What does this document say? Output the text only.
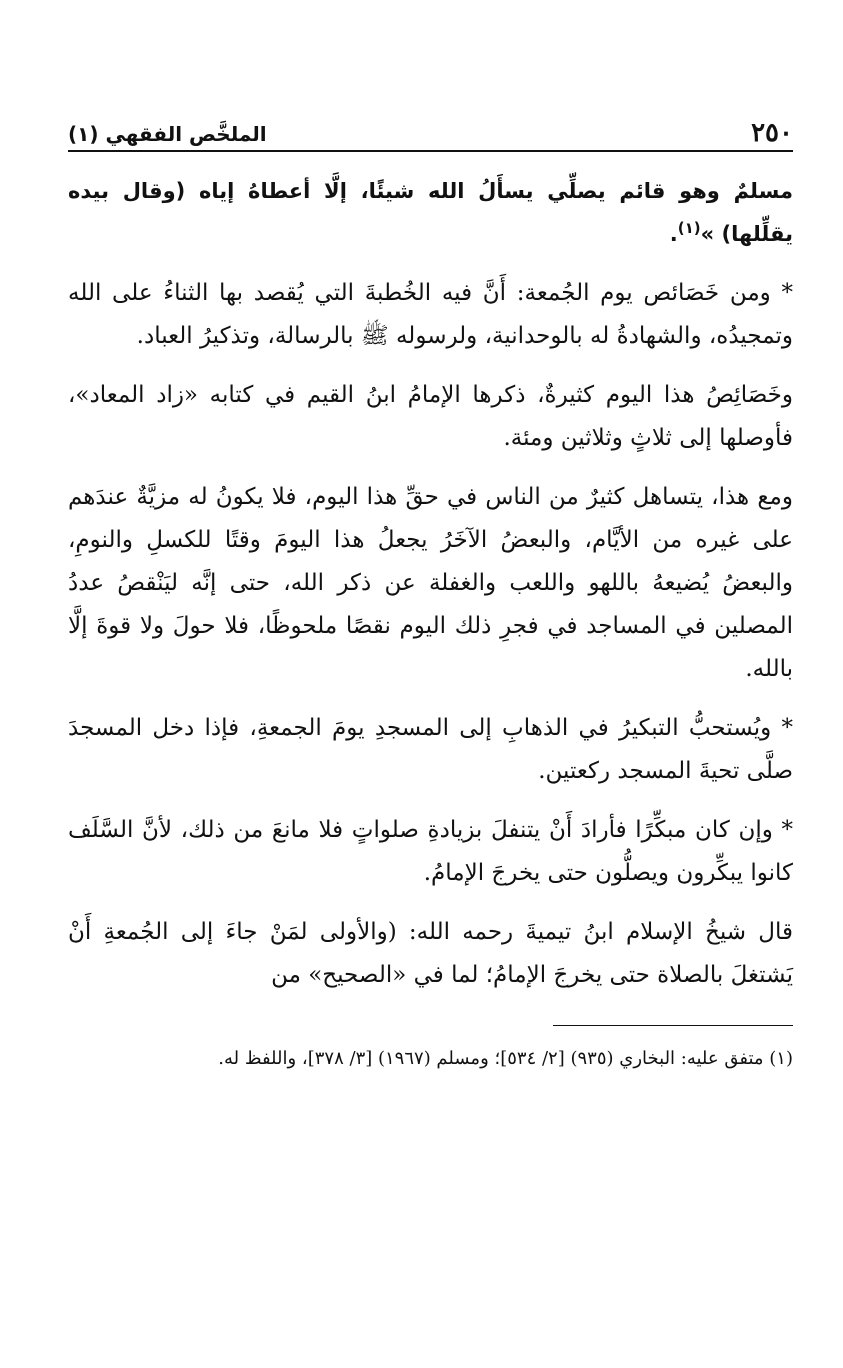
٢٥٠
الملخَّص الفقهي (١)

مسلمٌ وهو قائم يصلِّي يسأَلُ الله شيئًا، إلَّا أعطاهُ إياه (وقال بيده يقلِّلها) »$^{(١)}$.

* ومن خَصَائص يوم الجُمعة: أَنَّ فيه الخُطبةَ التي يُقصد بها الثناءُ على الله وتمجيدُه، والشهادةُ له بالوحدانية، ولرسوله ﷺ بالرسالة، وتذكيرُ العباد.

وخَصَائِصُ هذا اليوم كثيرةٌ، ذكرها الإمامُ ابنُ القيم في كتابه «زاد المعاد»، فأوصلها إلى ثلاثٍ وثلاثين ومئة.

ومع هذا، يتساهل كثيرٌ من الناس في حقِّ هذا اليوم، فلا يكونُ له مزيَّةٌ عندَهم على غيره من الأيَّام، والبعضُ الآخَرُ يجعلُ هذا اليومَ وقتًا للكسلِ والنومِ، والبعضُ يُضيعهُ باللهو واللعب والغفلة عن ذكر الله، حتى إنَّه ليَنْقصُ عددُ المصلين في المساجد في فجرِ ذلك اليوم نقصًا ملحوظًا، فلا حولَ ولا قوةَ إلَّا بالله.

* ويُستحبُّ التبكيرُ في الذهابِ إلى المسجدِ يومَ الجمعةِ، فإذا دخل المسجدَ صلَّى تحيةَ المسجد ركعتين.

* وإن كان مبكِّرًا فأرادَ أَنْ يتنفلَ بزيادةِ صلواتٍ فلا مانعَ من ذلك، لأنَّ السَّلَف كانوا يبكِّرون ويصلُّون حتى يخرجَ الإمامُ.

قال شيخُ الإسلام ابنُ تيميةَ رحمه الله: (والأولى لمَنْ جاءَ إلى الجُمعةِ أَنْ يَشتغلَ بالصلاة حتى يخرجَ الإمامُ؛ لما في «الصحيح» من

(١) متفق عليه: البخاري (٩٣٥) [٢/ ٥٣٤]؛ ومسلم (١٩٦٧) [٣/ ٣٧٨]، واللفظ له.
